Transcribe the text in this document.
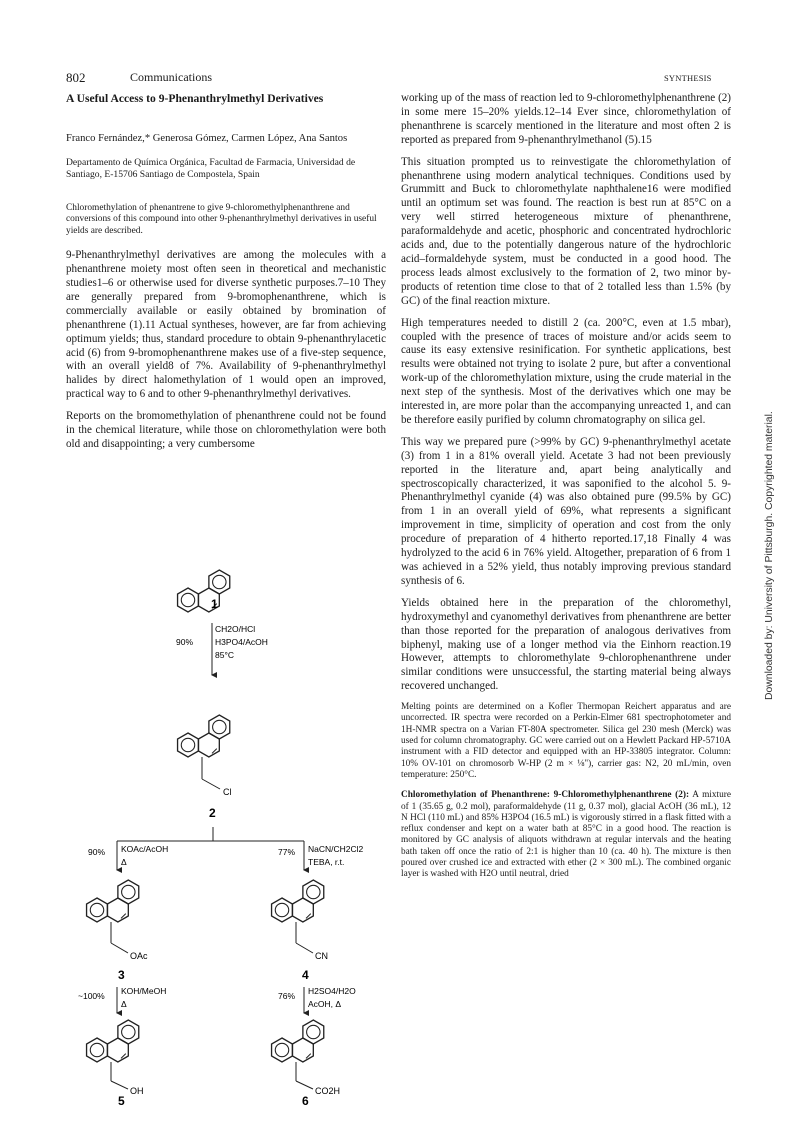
802	Communications	SYNTHESIS
A Useful Access to 9-Phenanthrylmethyl Derivatives

Franco Fernández,* Generosa Gómez, Carmen López, Ana Santos

Departamento de Química Orgánica, Facultad de Farmacia, Universidad de Santiago, E-15706 Santiago de Compostela, Spain

Chloromethylation of phenantrene to give 9-chloromethylphenanthrene and conversions of this compound into other 9-phenanthrylmethyl derivatives in useful yields are described.

9-Phenanthrylmethyl derivatives are among the molecules with a phenanthrene moiety most often seen in theoretical and mechanistic studies1–6 or otherwise used for diverse synthetic purposes.7–10 They are generally prepared from 9-bromophenanthrene, which is commercially available or easily obtained by bromination of phenanthrene (1).11 Actual syntheses, however, are far from achieving optimum yields; thus, standard procedure to obtain 9-phenanthrylacetic acid (6) from 9-bromophenanthrene makes use of a five-step sequence, with an overall yield8 of 7%. Availability of 9-phenanthrylmethyl halides by direct halomethylation of 1 would open an improved, practical way to 6 and to other 9-phenanthrylmethyl derivatives.

Reports on the bromomethylation of phenanthrene could not be found in the chemical literature, while those on chloromethylation were both old and disappointing; a very cumbersome

1
90%
CH2O/HCl
H3PO4/AcOH
85°C
Cl
2
90% KOAc/AcOH
Δ
77% NaCN/CH2Cl2
TEBA, r.t.
OAc
3
CN
4
~100% KOH/MeOH
Δ
76% H2SO4/H2O
AcOH, Δ
OH
5
CO2H
6

working up of the mass of reaction led to 9-chloromethylphenanthrene (2) in some mere 15–20% yields.12–14 Ever since, chloromethylation of phenanthrene is scarcely mentioned in the literature and most often 2 is reported as prepared from 9-phenanthrylmethanol (5).15

This situation prompted us to reinvestigate the chloromethylation of phenanthrene using modern analytical techniques. Conditions used by Grummitt and Buck to chloromethylate naphthalene16 were modified until an optimum set was found. The reaction is best run at 85°C on a very well stirred heterogeneous mixture of phenanthrene, paraformaldehyde and acetic, phosphoric and concentrated hydrochloric acids and, due to the potentially dangerous nature of the hydrochloric acid–formaldehyde system, must be conducted in a good hood. The process leads almost exclusively to the formation of 2, two minor by-products of retention time close to that of 2 totalled less than 1.5% (by GC) of the final reaction mixture.

High temperatures needed to distill 2 (ca. 200°C, even at 1.5 mbar), coupled with the presence of traces of moisture and/or acids seem to cause its easy extensive resinification. For synthetic applications, best results were obtained not trying to isolate 2 pure, but after a conventional work-up of the chloromethylation mixture, using the crude material in the next step of the synthesis. Most of the derivatives which one may be interested in, are more polar than the accompanying unreacted 1, and can be therefore easily purified by column chromatography on silica gel.

This way we prepared pure (>99% by GC) 9-phenanthrylmethyl acetate (3) from 1 in a 81% overall yield. Acetate 3 had not been previously reported in the literature and, apart being analytically and spectroscopically characterized, it was saponified to the alcohol 5. 9-Phenanthrylmethyl cyanide (4) was also obtained pure (99.5% by GC) from 1 in an overall yield of 69%, what represents a significant improvement in time, simplicity of operation and cost from the only procedure of preparation of 4 hitherto reported.17,18 Finally 4 was hydrolyzed to the acid 6 in 76% yield. Altogether, preparation of 6 from 1 was achieved in a 52% yield, thus notably improving previous standard synthesis of 6.

Yields obtained here in the preparation of the chloromethyl, hydroxymethyl and cyanomethyl derivatives from phenanthrene are better than those reported for the preparation of analogous derivatives from biphenyl, making use of a longer method via the Einhorn reaction.19 However, attempts to chloromethylate 9-chlorophenanthrene under similar conditions were unsuccessful, the starting material being always recovered unchanged.

Melting points are determined on a Kofler Thermopan Reichert apparatus and are uncorrected. IR spectra were recorded on a Perkin-Elmer 681 spectrophotometer and 1H-NMR spectra on a Varian FT-80A spectrometer. Silica gel 230 mesh (Merck) was used for column chromatography. GC were carried out on a Hewlett Packard HP-5710A instrument with a FID detector and equipped with an HP-33805 integrator. Column: 10% OV-101 on chromosorb W-HP (2 m × ⅛"), carrier gas: N2, 20 mL/min, oven temperature: 250°C.

Chloromethylation of Phenanthrene: 9-Chloromethylphenanthrene (2): A mixture of 1 (35.65 g, 0.2 mol), paraformaldehyde (11 g, 0.37 mol), glacial AcOH (36 mL), 12 N HCl (110 mL) and 85% H3PO4 (16.5 mL) is vigorously stirred in a flask fitted with a reflux condenser and kept on a water bath at 85°C in a good hood. The reaction is monitored by GC analysis of aliquots withdrawn at regular intervals and the heating bath taken off once the ratio of 2:1 is higher than 10 (ca. 40 h). The mixture is then poured over crushed ice and extracted with ether (2 × 300 mL). The combined organic layer is washed with H2O until neutral, dried

Downloaded by: University of Pittsburgh. Copyrighted material.
